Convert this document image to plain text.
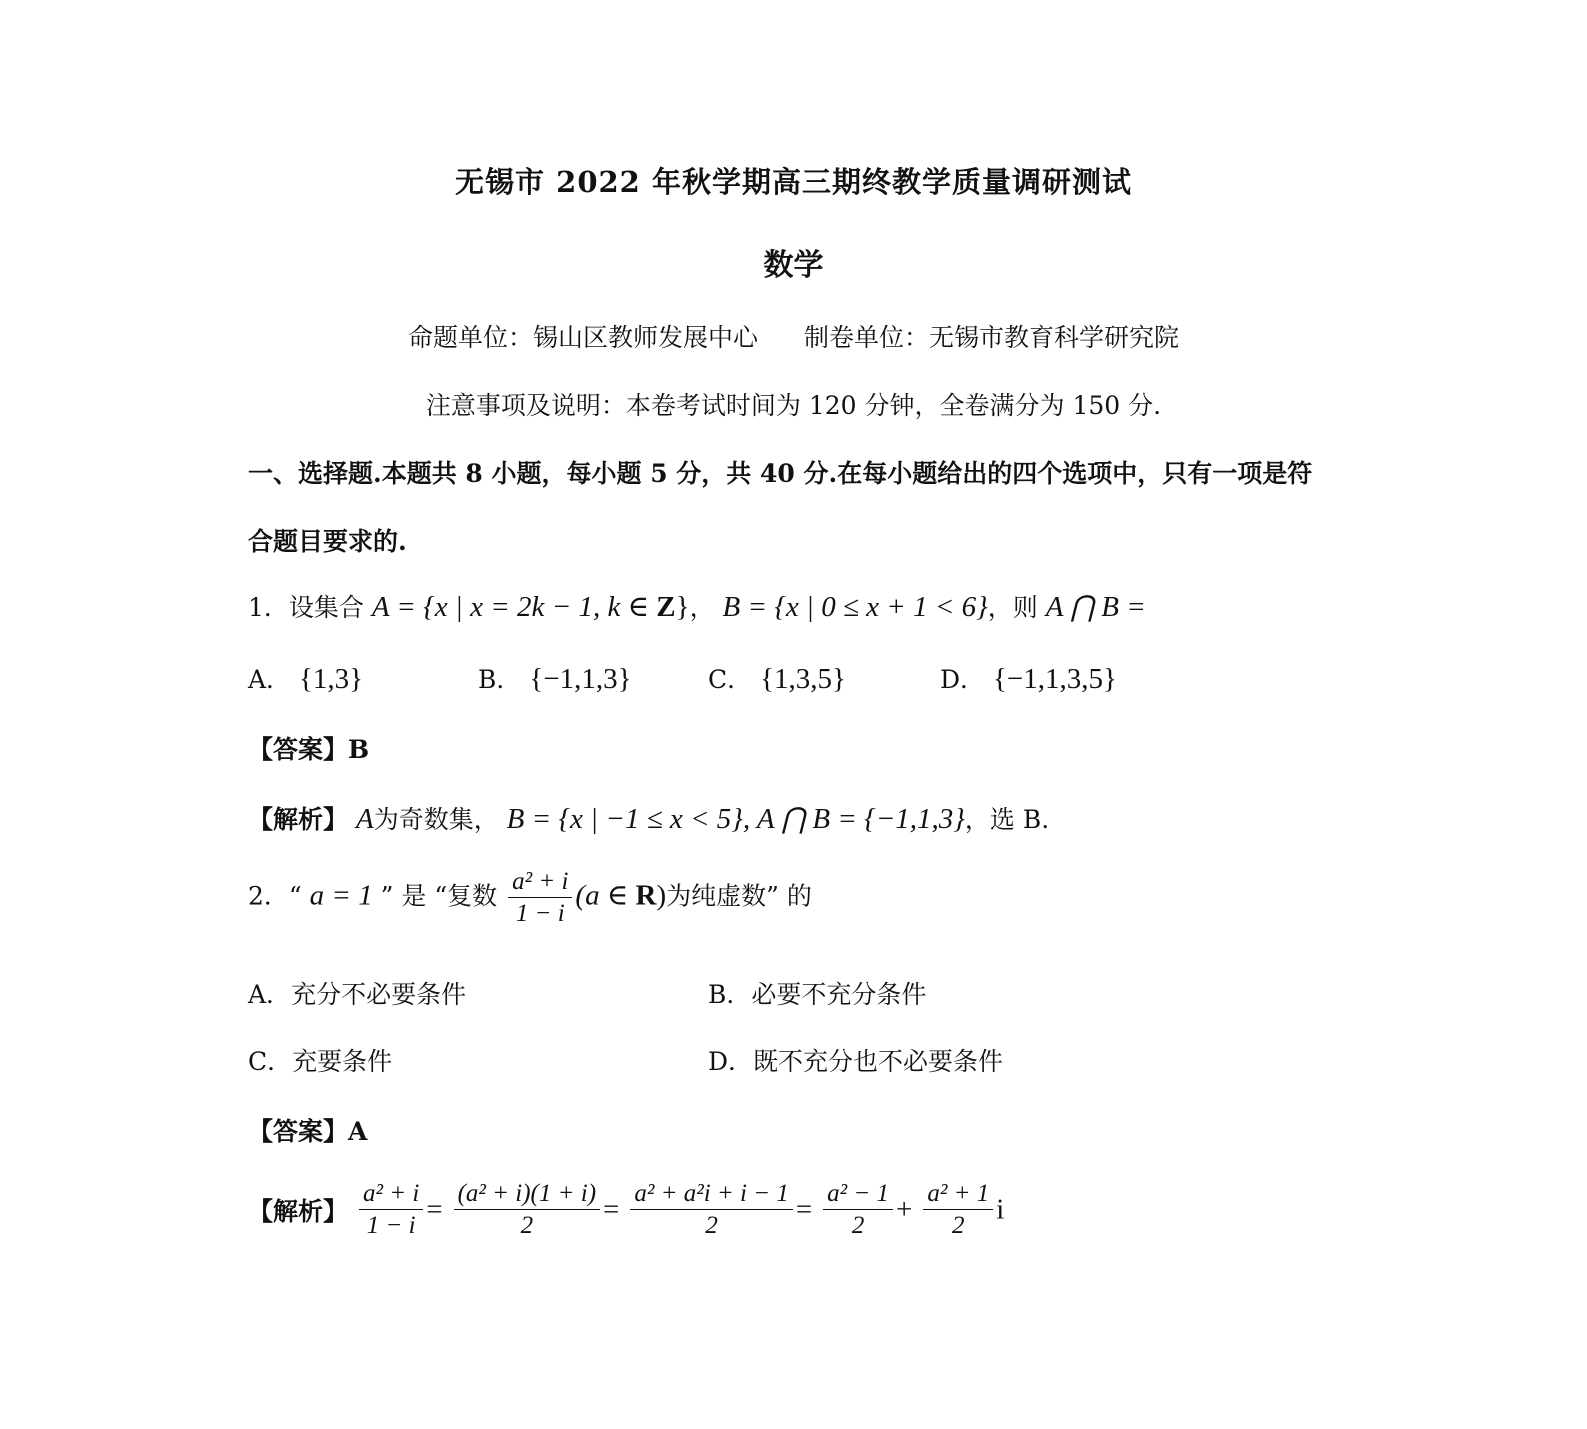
无锡市 2022 年秋学期高三期终教学质量调研测试
数学
命题单位：锡山区教师发展中心 制卷单位：无锡市教育科学研究院
注意事项及说明：本卷考试时间为 120 分钟，全卷满分为 150 分.
一、选择题.本题共 8 小题，每小题 5 分，共 40 分.在每小题给出的四个选项中，只有一项是符
合题目要求的.
1．设集合 A = {x | x = 2k − 1, k ∈ Z}， B = {x | 0 ≤ x + 1 < 6}，则 A ⋂ B =
A． {1,3}	B． {−1,1,3}	C． {1,3,5}	D． {−1,1,3,5}
【答案】B
【解析】 A为奇数集， B = {x | −1 ≤ x < 5}, A ⋂ B = {−1,1,3}，选 B.
2．“ a = 1 ” 是 “复数 $\frac{\text{a² + i}}{1 - i} (a$ ∈ R)为纯虚数” 的
A．充分不必要条件	B．必要不充分条件
C．充要条件	D．既不充分也不必要条件
【答案】A
【解析】 $\frac{\text{a² + i}}{1 - i} = \frac{\text{(a² + i)(1 + i)}}{2} = \frac{\text{a² + a²i + i − 1}}{2} = \frac{\text{a² − 1}}{2} + \frac{\text{a² + 1}}{2}$ i
